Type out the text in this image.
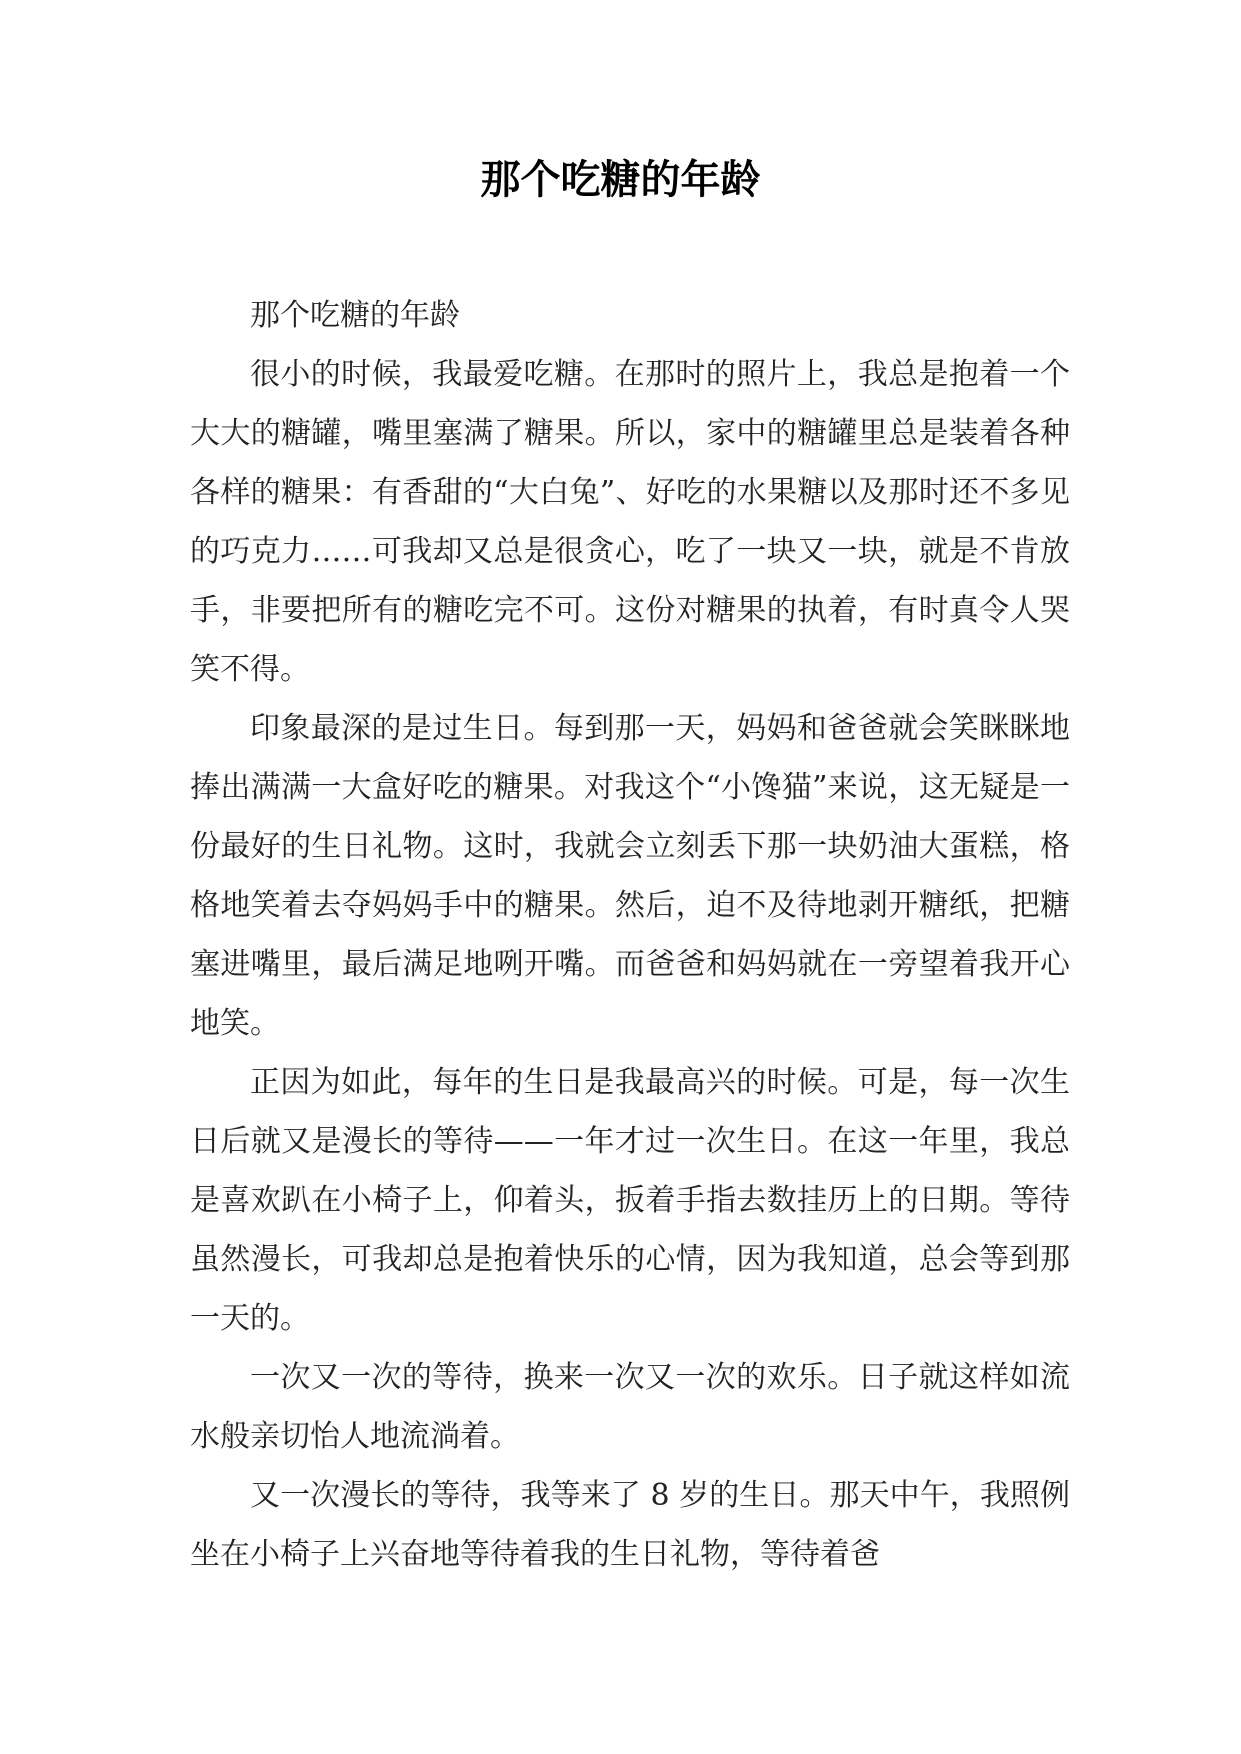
那个吃糖的年龄

那个吃糖的年龄

很小的时候，我最爱吃糖。在那时的照片上，我总是抱着一个大大的糖罐，嘴里塞满了糖果。所以，家中的糖罐里总是装着各种各样的糖果：有香甜的“大白兔”、好吃的水果糖以及那时还不多见的巧克力……可我却又总是很贪心，吃了一块又一块，就是不肯放手，非要把所有的糖吃完不可。这份对糖果的执着，有时真令人哭笑不得。

印象最深的是过生日。每到那一天，妈妈和爸爸就会笑眯眯地捧出满满一大盒好吃的糖果。对我这个“小馋猫”来说，这无疑是一份最好的生日礼物。这时，我就会立刻丢下那一块奶油大蛋糕，格格地笑着去夺妈妈手中的糖果。然后，迫不及待地剥开糖纸，把糖塞进嘴里，最后满足地咧开嘴。而爸爸和妈妈就在一旁望着我开心地笑。

正因为如此，每年的生日是我最高兴的时候。可是，每一次生日后就又是漫长的等待——一年才过一次生日。在这一年里，我总是喜欢趴在小椅子上，仰着头，扳着手指去数挂历上的日期。等待虽然漫长，可我却总是抱着快乐的心情，因为我知道，总会等到那一天的。

一次又一次的等待，换来一次又一次的欢乐。日子就这样如流水般亲切怡人地流淌着。

又一次漫长的等待，我等来了 8 岁的生日。那天中午，我照例坐在小椅子上兴奋地等待着我的生日礼物，等待着爸
